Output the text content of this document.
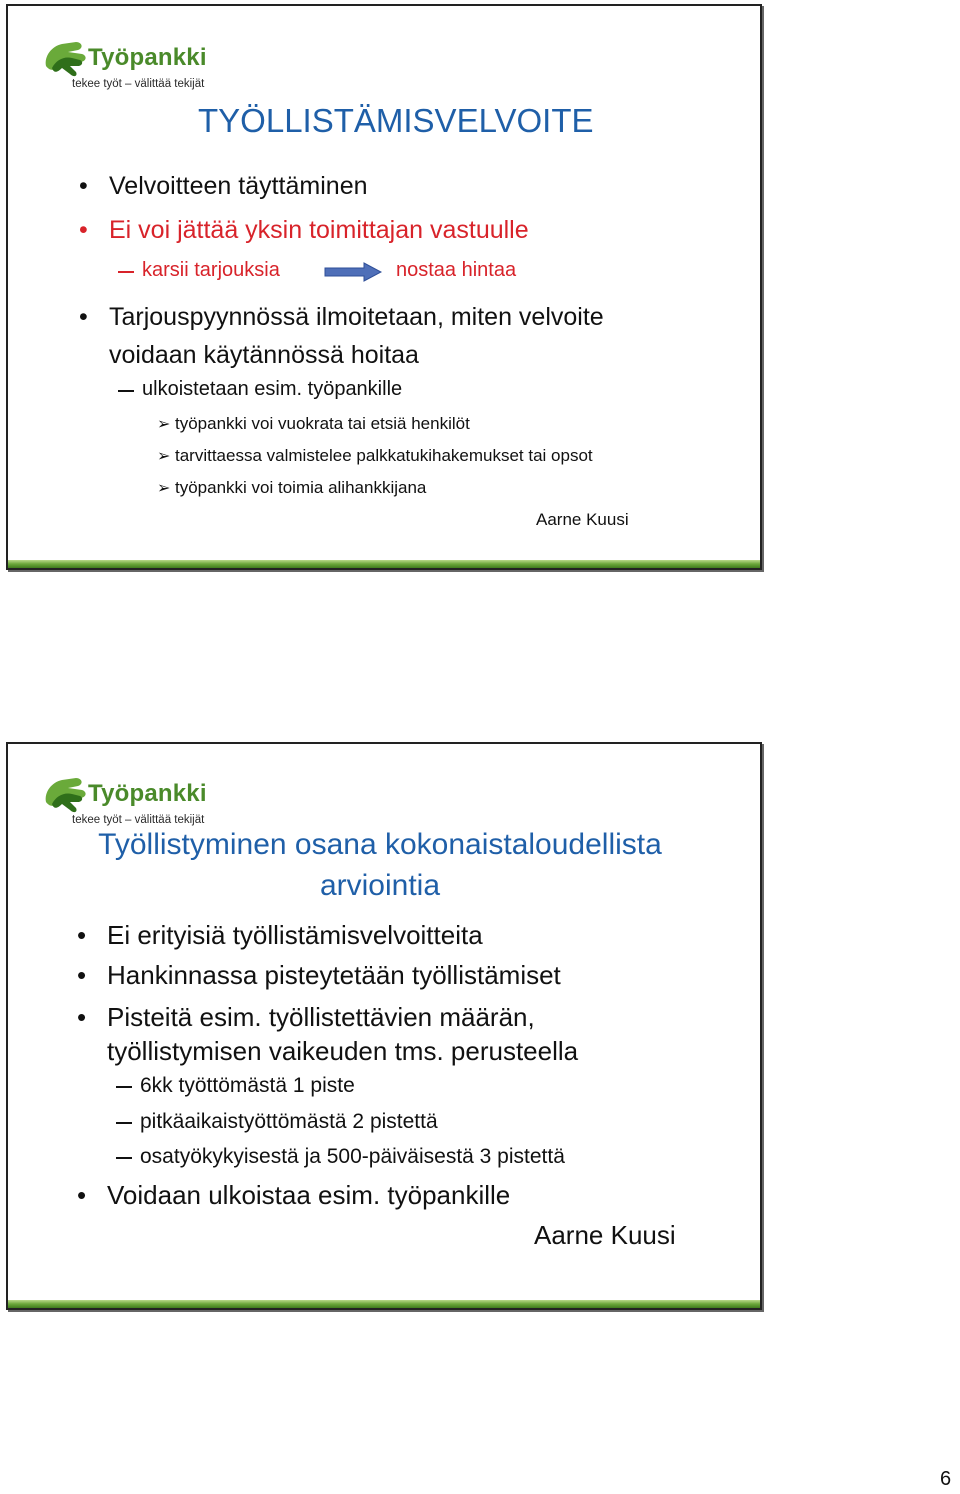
Työpankki
tekee työt – välittää tekijät
TYÖLLISTÄMISVELVOITE
• Velvoitteen täyttäminen
• Ei voi jättää yksin toimittajan vastuulle
karsii tarjouksia	nostaa hintaa
• Tarjouspyynnössä ilmoitetaan, miten velvoite
voidaan käytännössä hoitaa
ulkoistetaan esim. työpankille
➢ työpankki voi vuokrata tai etsiä henkilöt
➢ tarvittaessa valmistelee palkkatukihakemukset tai opsot
➢ työpankki voi toimia alihankkijana
Aarne Kuusi
Työpankki
tekee työt – välittää tekijät
Työllistyminen osana kokonaistaloudellista
arviointia
• Ei erityisiä työllistämisvelvoitteita
• Hankinnassa pisteytetään työllistämiset
• Pisteitä esim. työllistettävien määrän,
työllistymisen vaikeuden tms. perusteella
6kk työttömästä 1 piste
pitkäaikaistyöttömästä 2 pistettä
osatyökykyisestä ja 500-päiväisestä 3 pistettä
• Voidaan ulkoistaa esim. työpankille
Aarne Kuusi
6
